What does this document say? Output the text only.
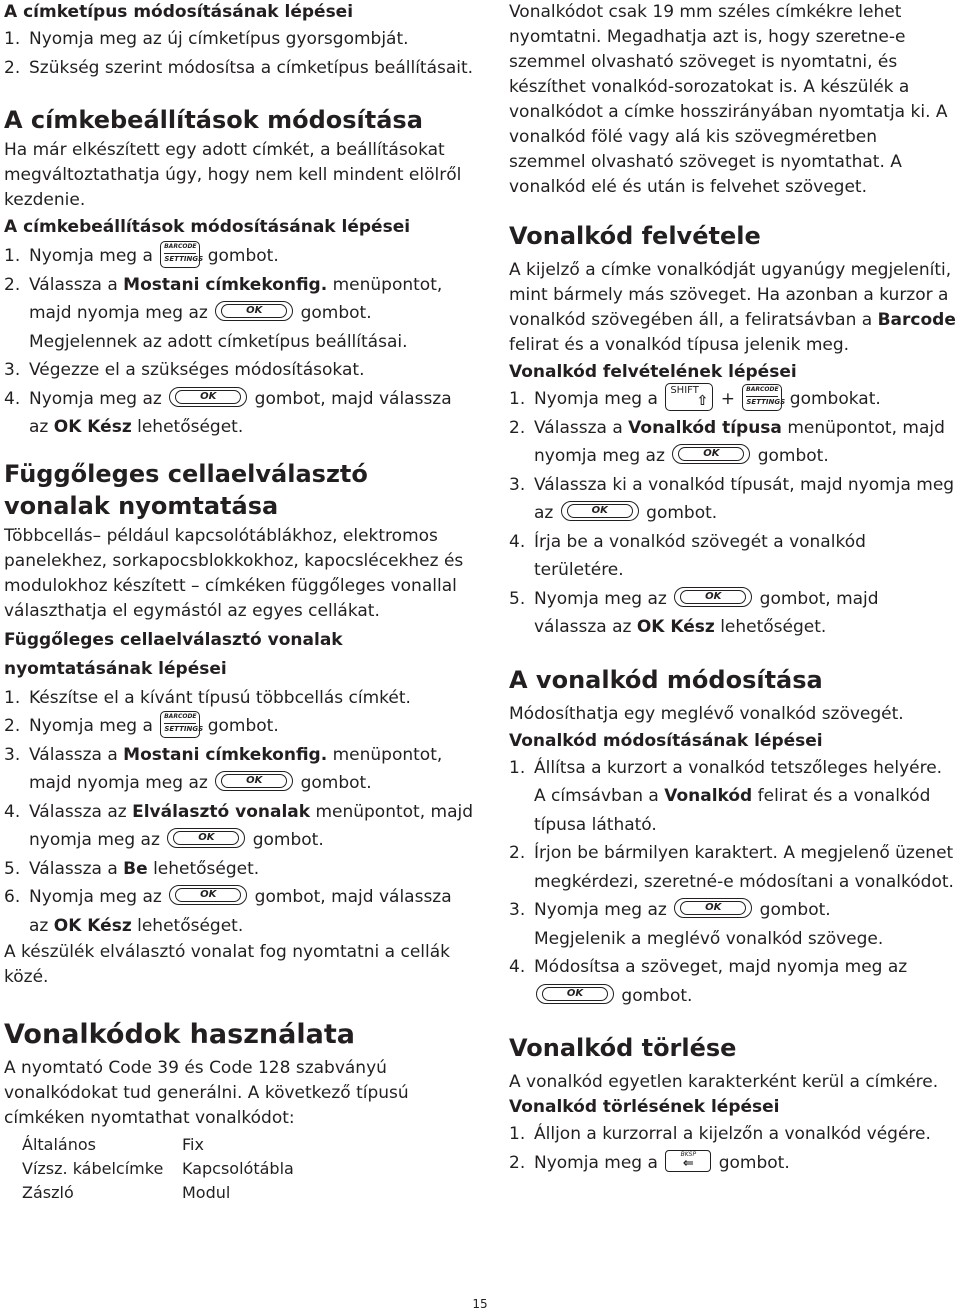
A címketípus módosításának lépései
1. Nyomja meg az új címketípus gyorsgombját.
2. Szükség szerint módosítsa a címketípus beállításait.
A címkebeállítások módosítása

Ha már elkészített egy adott címkét, a beállításokat megváltoztathatja úgy, hogy nem kell mindent elölről kezdenie.

A címkebeállítások módosításának lépései
1. Nyomja meg a	BARCODE
SETTINGS gombot.
2. Válassza a Mostani címkekonfig. menüpontot, majd nyomja meg az	OK	gombot.
Megjelennek az adott címketípus beállításai.
3. Végezze el a szükséges módosításokat.
4. Nyomja meg az	OK	gombot, majd válassza az OK Kész lehetőséget.
Függőleges cellaelválasztó vonalak nyomtatása

Többcellás– például kapcsolótáblákhoz, elektromos panelekhez, sorkapocsblokkokhoz, kapocslécekhez és modulokhoz készített – címkéken függőleges vonallal választhatja el egymástól az egyes cellákat.

Függőleges cellaelválasztó vonalak nyomtatásának lépései
1. Készítse el a kívánt típusú többcellás címkét.
2. Nyomja meg a	BARCODE
SETTINGS gombot.
3. Válassza a Mostani címkekonfig. menüpontot, majd nyomja meg az	OK	gombot.
4. Válassza az Elválasztó vonalak menüpontot, majd nyomja meg az	OK	gombot.
5. Válassza a Be lehetőséget.
6. Nyomja meg az	OK	gombot, majd válassza az OK Kész lehetőséget.

A készülék elválasztó vonalat fog nyomtatni a cellák közé.

Vonalkódok használata

A nyomtató Code 39 és Code 128 szabványú vonalkódokat tud generálni. A következő típusú címkéken nyomtathat vonalkódot:

Általános	Fix
Vízsz. kábelcímke	Kapcsolótábla
Zászló	Modul

Vonalkódot csak 19 mm széles címkékre lehet nyomtatni. Megadhatja azt is, hogy szeretne-e szemmel olvasható szöveget is nyomtatni, és készíthet vonalkód-sorozatokat is. A készülék a vonalkódot a címke hosszirányában nyomtatja ki. A vonalkód fölé vagy alá kis szövegméretben szemmel olvasható szöveget is nyomtathat. A vonalkód elé és után is felvehet szöveget.

Vonalkód felvétele

A kijelző a címke vonalkódját ugyanúgy megjeleníti, mint bármely más szöveget. Ha azonban a kurzor a vonalkód szövegében áll, a feliratsávban a Barcode felirat és a vonalkód típusa jelenik meg.

Vonalkód felvételének lépései
1. Nyomja meg a SHIFT
⇧ +	BARCODE
SETTINGS gombokat.
2. Válassza a Vonalkód típusa menüpontot, majd nyomja meg az	OK	gombot.
3. Válassza ki a vonalkód típusát, majd nyomja meg az	OK	gombot.
4. Írja be a vonalkód szövegét a vonalkód területére.
5. Nyomja meg az	OK	gombot, majd válassza az OK Kész lehetőséget.
A vonalkód módosítása

Módosíthatja egy meglévő vonalkód szövegét.

Vonalkód módosításának lépései
1. Állítsa a kurzort a vonalkód tetszőleges helyére. A címsávban a Vonalkód felirat és a vonalkód típusa látható.
2. Írjon be bármilyen karaktert. A megjelenő üzenet megkérdezi, szeretné-e módosítani a vonalkódot.
3. Nyomja meg az	OK	gombot.
Megjelenik a meglévő vonalkód szövege.
4. Módosítsa a szöveget, majd nyomja meg az

OK	gombot.
Vonalkód törlése

A vonalkód egyetlen karakterként kerül a címkére.

Vonalkód törlésének lépései
1. Álljon a kurzorral a kijelzőn a vonalkód végére.
2. Nyomja meg a	BKSP
⇐	gombot.
15
